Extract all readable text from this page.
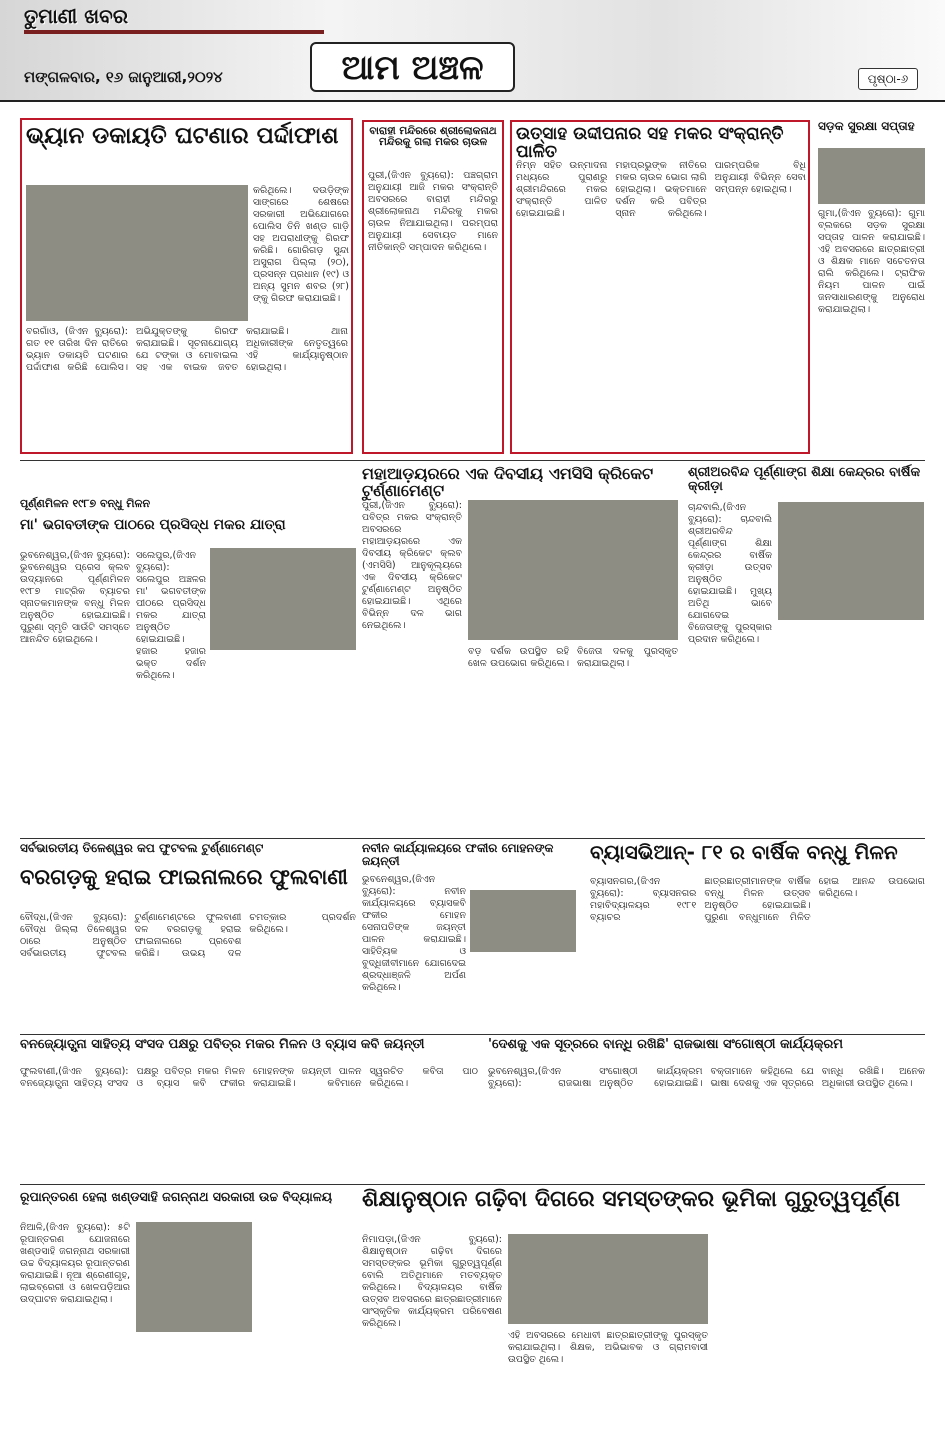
ତୁମାଣୀ ଖବର
ମଙ୍ଗଳବାର, ୧୬ ଜାନୁଆରୀ,୨୦୨୪	ଆମ ଅଞ୍ଚଳ	ପୃଷ୍ଠା-୬
ଭ୍ୟାନ ଡକାୟତି ଘଟଣାର ପର୍ଦ୍ଦାଫାଶ
କରିଥିଲେ। ଦଉଡ଼ିଙ୍କ ସାଙ୍ଗରେ ଶେଷରେ ସରକାରୀ ଅଭିଯୋଗରେ ପୋଲିସ ତିନି ଖଣ୍ଡ ଗାଡ଼ି ସହ ଅପରାଧୀଙ୍କୁ ଗିରଫ କରିଛି। ଗୋରିଗଡ଼ ସୁନ୍ଦା ଅସୁରାଗ ପିଲ୍ଲା (୨୦), ପ୍ରସନ୍ନ ପ୍ରଧାନ (୧୯) ଓ ଅନ୍ୟ ସୁମନ ଶବର (୨୮) ଙ୍କୁ ଗିରଫ କରାଯାଇଛି।
ବରଗାଁଓ, (ଜିଏନ ବ୍ୟୁରୋ): ଗତ ୧୧ ତାରିଖ ଦିନ ରାତିରେ ଭ୍ୟାନ ଡକାୟତି ଘଟଣାର ପର୍ଦ୍ଦାଫାଶ କରିଛି ପୋଲିସ। ଅଭିଯୁକ୍ତଙ୍କୁ ଗିରଫ କରାଯାଇଛି। ସୂଚନାଯୋଗ୍ୟ ଯେ ଟଙ୍କା ଓ ମୋବାଇଲ ସହ ଏକ ବାଇକ ଜବତ କରାଯାଇଛି। ଥାନା ଅଧିକାରୀଙ୍କ ନେତୃତ୍ୱରେ ଏହି କାର୍ଯ୍ୟାନୁଷ୍ଠାନ ହୋଇଥିଲା।
ବାରାହୀ ମନ୍ଦିରରେ ଶ୍ରୀଲୋକନାଥ ମନ୍ଦିରକୁ ଗଲା ମକର ଚାଉଳ
ପୁରୀ,(ଜିଏନ ବ୍ୟୁରୋ): ପଞ୍ଚଗ୍ରାମ ଅନୁଯାୟୀ ଆଜି ମକର ସଂକ୍ରାନ୍ତି ଅବସରରେ ବାରାହୀ ମନ୍ଦିରରୁ ଶ୍ରୀଲୋକନାଥ ମନ୍ଦିରକୁ ମକର ଚାଉଳ ନିଆଯାଇଥିଲା। ପରମ୍ପରା ଅନୁଯାୟୀ ସେବାୟତ ମାନେ ନୀତିକାନ୍ତି ସମ୍ପାଦନ କରିଥିଲେ।
ଉତ୍ସାହ ଉଦ୍ଦୀପନାର ସହ ମକର ସଂକ୍ରାନ୍ତି ପାଳିତ
ନିମ୍ନ ସହିତ ଉନ୍ମାଦନା ମଧ୍ୟରେ ପୁରାଣରୁ ଶ୍ରୀମନ୍ଦିରରେ ମକର ସଂକ୍ରାନ୍ତି ପାଳିତ ହୋଇଯାଇଛି। ମହାପ୍ରଭୁଙ୍କ ନୀତିରେ ମକର ଚାଉଳ ଭୋଗ ଲାଗି ହୋଇଥିଲା। ଭକ୍ତମାନେ ଦର୍ଶନ କରି ପବିତ୍ର ସ୍ନାନ କରିଥିଲେ। ପାରମ୍ପରିକ ବିଧି ଅନୁଯାୟୀ ବିଭିନ୍ନ ସେବା ସମ୍ପନ୍ନ ହୋଇଥିଲା।
ସଡ଼କ ସୁରକ୍ଷା ସପ୍ତାହ
ଗୁମା,(ଜିଏନ ବ୍ୟୁରୋ): ଗୁମା ବ୍ଲକରେ ସଡ଼କ ସୁରକ୍ଷା ସପ୍ତାହ ପାଳନ କରାଯାଇଛି। ଏହି ଅବସରରେ ଛାତ୍ରଛାତ୍ରୀ ଓ ଶିକ୍ଷକ ମାନେ ସଚେତନତା ରାଲି କରିଥିଲେ। ଟ୍ରାଫିକ ନିୟମ ପାଳନ ପାଇଁ ଜନସାଧାରଣଙ୍କୁ ଅନୁରୋଧ କରାଯାଇଥିଲା।
ମହାଆଡ଼ୟରରେ ଏକ ଦିବସୀୟ ଏମସିସି କ୍ରିକେଟ ଟୁର୍ଣ୍ଣାମେଣ୍ଟ
ପୁରୀ,(ଜିଏନ ବ୍ୟୁରୋ): ପବିତ୍ର ମକର ସଂକ୍ରାନ୍ତି ଅବସରରେ ମହାଆଡ଼ୟରରେ ଏକ ଦିବସୀୟ କ୍ରିକେଟ କ୍ଲବ (ଏମସିସି) ଆନୁକୂଲ୍ୟରେ ଏକ ଦିବସୀୟ କ୍ରିକେଟ ଟୁର୍ଣ୍ଣାମେଣ୍ଟ ଅନୁଷ୍ଠିତ ହୋଇଯାଇଛି। ଏଥିରେ ବିଭିନ୍ନ ଦଳ ଭାଗ ନେଇଥିଲେ।
ବଡ଼ ଦର୍ଶକ ଉପସ୍ଥିତ ରହି ଖେଳ ଉପଭୋଗ କରିଥିଲେ। ବିଜେତା ଦଳକୁ ପୁରସ୍କୃତ କରାଯାଇଥିଲା।
ଶ୍ରୀଅରବିନ୍ଦ ପୂର୍ଣ୍ଣାଙ୍ଗ ଶିକ୍ଷା କେନ୍ଦ୍ରର ବାର୍ଷିକ କ୍ରୀଡ଼ା
ଚାନ୍ଦବାଲି,(ଜିଏନ ବ୍ୟୁରୋ): ଚାନ୍ଦବାଲି ଶ୍ରୀଅରବିନ୍ଦ ପୂର୍ଣ୍ଣାଙ୍ଗ ଶିକ୍ଷା କେନ୍ଦ୍ରର ବାର୍ଷିକ କ୍ରୀଡ଼ା ଉତ୍ସବ ଅନୁଷ୍ଠିତ ହୋଇଯାଇଛି। ମୁଖ୍ୟ ଅତିଥି ଭାବେ ଯୋଗଦେଇ ବିଜେତାଙ୍କୁ ପୁରସ୍କାର ପ୍ରଦାନ କରିଥିଲେ।
ପୂର୍ଣ୍ଣମିଳନ ୧୯୮୭ ବନ୍ଧୁ ମିଳନ
ମା' ଭଗବତୀଙ୍କ ପାଠରେ ପ୍ରସିଦ୍ଧ ମକର ଯାତ୍ରା
ଭୁବନେଶ୍ୱର,(ଜିଏନ ବ୍ୟୁରୋ): ଭୁବନେଶ୍ୱର ପ୍ରେସ କ୍ଲବ ଉଦ୍ୟାନରେ ପୂର୍ଣ୍ଣମିଳନ ୧୯୮୭ ମାଟ୍ରିକ ବ୍ୟାଚର ସ୍ନାତକମାନଙ୍କ ବନ୍ଧୁ ମିଳନ ଅନୁଷ୍ଠିତ ହୋଇଯାଇଛି। ପୁରୁଣା ସ୍ମୃତି ସାଉଁଟି ସମସ୍ତେ ଆନନ୍ଦିତ ହୋଇଥିଲେ।
ସଲେପୁର,(ଜିଏନ ବ୍ୟୁରୋ): ସଲେପୁର ଅଞ୍ଚଳର ମା' ଭଗବତୀଙ୍କ ପୀଠରେ ପ୍ରସିଦ୍ଧ ମକର ଯାତ୍ରା ଅନୁଷ୍ଠିତ ହୋଇଯାଇଛି। ହଜାର ହଜାର ଭକ୍ତ ଦର୍ଶନ କରିଥିଲେ।
ସର୍ବଭାରତୀୟ ତିଳେଶ୍ୱର କପ ଫୁଟବଲ ଟୁର୍ଣ୍ଣାମେଣ୍ଟ
ବରଗଡ଼କୁ ହରାଇ ଫାଇନାଲରେ ଫୁଲବାଣୀ
ବୌଦ୍ଧ,(ଜିଏନ ବ୍ୟୁରୋ): ବୌଦ୍ଧ ଜିଲ୍ଲା ତିଳେଶ୍ୱର ଠାରେ ଅନୁଷ୍ଠିତ ସର୍ବଭାରତୀୟ ଫୁଟବଲ ଟୁର୍ଣ୍ଣାମେଣ୍ଟରେ ଫୁଲବାଣୀ ଦଳ ବରଗଡ଼କୁ ହରାଇ ଫାଇନାଲରେ ପ୍ରବେଶ କରିଛି। ଉଭୟ ଦଳ ଚମତ୍କାର ପ୍ରଦର୍ଶନ କରିଥିଲେ।
ନବୀନ କାର୍ଯ୍ୟାଳୟରେ ଫକୀର ମୋହନଙ୍କ ଜୟନ୍ତୀ
ଭୁବନେଶ୍ୱର,(ଜିଏନ ବ୍ୟୁରୋ): ନବୀନ କାର୍ଯ୍ୟାଳୟରେ ବ୍ୟାସକବି ଫକୀର ମୋହନ ସେନାପତିଙ୍କ ଜୟନ୍ତୀ ପାଳନ କରାଯାଇଛି। ସାହିତ୍ୟିକ ଓ ବୁଦ୍ଧିଜୀବୀମାନେ ଯୋଗଦେଇ ଶ୍ରଦ୍ଧାଞ୍ଜଳି ଅର୍ପଣ କରିଥିଲେ।
ବ୍ୟାସଭିଆନ୍- ୮୧ ର ବାର୍ଷିକ ବନ୍ଧୁ ମିଳନ
ବ୍ୟାସନଗର,(ଜିଏନ ବ୍ୟୁରୋ): ବ୍ୟାସନଗର ମହାବିଦ୍ୟାଳୟର ୧୯୮୧ ବ୍ୟାଚର ଛାତ୍ରଛାତ୍ରୀମାନଙ୍କ ବାର୍ଷିକ ବନ୍ଧୁ ମିଳନ ଉତ୍ସବ ଅନୁଷ୍ଠିତ ହୋଇଯାଇଛି। ପୁରୁଣା ବନ୍ଧୁମାନେ ମିଳିତ ହୋଇ ଆନନ୍ଦ ଉପଭୋଗ କରିଥିଲେ।
ବନଜ୍ୟୋତ୍ସ୍ନା ସାହିତ୍ୟ ସଂସଦ ପକ୍ଷରୁ ପବିତ୍ର ମକର ମିଳନ ଓ ବ୍ୟାସ କବି ଜୟନ୍ତୀ
ଫୁଲବାଣୀ,(ଜିଏନ ବ୍ୟୁରୋ): ବନଜ୍ୟୋତ୍ସ୍ନା ସାହିତ୍ୟ ସଂସଦ ପକ୍ଷରୁ ପବିତ୍ର ମକର ମିଳନ ଓ ବ୍ୟାସ କବି ଫକୀର ମୋହନଙ୍କ ଜୟନ୍ତୀ ପାଳନ କରାଯାଇଛି। କବିମାନେ ସ୍ୱରଚିତ କବିତା ପାଠ କରିଥିଲେ।
'ଦେଶକୁ ଏକ ସୂତ୍ରରେ ବାନ୍ଧି ରଖିଛି' ରାଜଭାଷା ସଂଗୋଷ୍ଠୀ କାର୍ଯ୍ୟକ୍ରମ
ଭୁବନେଶ୍ୱର,(ଜିଏନ ବ୍ୟୁରୋ): ରାଜଭାଷା ସଂଗୋଷ୍ଠୀ କାର୍ଯ୍ୟକ୍ରମ ଅନୁଷ୍ଠିତ ହୋଇଯାଇଛି। ବକ୍ତାମାନେ କହିଥିଲେ ଯେ ଭାଷା ଦେଶକୁ ଏକ ସୂତ୍ରରେ ବାନ୍ଧି ରଖିଛି। ଅନେକ ଅଧିକାରୀ ଉପସ୍ଥିତ ଥିଲେ।
ରୂପାନ୍ତରଣ ହେଲା ଖଣ୍ଡସାହି ଜଗନ୍ନାଥ ସରକାରୀ ଉଚ୍ଚ ବିଦ୍ୟାଳୟ
ନିଆଳି,(ଜିଏନ ବ୍ୟୁରୋ): ୫ଟି ରୂପାନ୍ତରଣ ଯୋଜନାରେ ଖଣ୍ଡସାହି ଜଗନ୍ନାଥ ସରକାରୀ ଉଚ୍ଚ ବିଦ୍ୟାଳୟର ରୂପାନ୍ତରଣ କରାଯାଇଛି। ନୂଆ ଶ୍ରେଣୀଗୃହ, ଲାଇବ୍ରେରୀ ଓ ଖେଳପଡ଼ିଆର ଉଦ୍‌ଘାଟନ କରାଯାଇଥିଲା।
ଶିକ୍ଷାନୁଷ୍ଠାନ ଗଢ଼ିବା ଦିଗରେ ସମସ୍ତଙ୍କର ଭୂମିକା ଗୁରୁତ୍ୱପୂର୍ଣ୍ଣ
ନିମାପଡ଼ା,(ଜିଏନ ବ୍ୟୁରୋ): ଶିକ୍ଷାନୁଷ୍ଠାନ ଗଢ଼ିବା ଦିଗରେ ସମସ୍ତଙ୍କର ଭୂମିକା ଗୁରୁତ୍ୱପୂର୍ଣ୍ଣ ବୋଲି ଅତିଥିମାନେ ମତବ୍ୟକ୍ତ କରିଥିଲେ। ବିଦ୍ୟାଳୟର ବାର୍ଷିକ ଉତ୍ସବ ଅବସରରେ ଛାତ୍ରଛାତ୍ରୀମାନେ ସାଂସ୍କୃତିକ କାର୍ଯ୍ୟକ୍ରମ ପରିବେଷଣ କରିଥିଲେ।
ଏହି ଅବସରରେ ମେଧାବୀ ଛାତ୍ରଛାତ୍ରୀଙ୍କୁ ପୁରସ୍କୃତ କରାଯାଇଥିଲା। ଶିକ୍ଷକ, ଅଭିଭାବକ ଓ ଗ୍ରାମବାସୀ ଉପସ୍ଥିତ ଥିଲେ।
